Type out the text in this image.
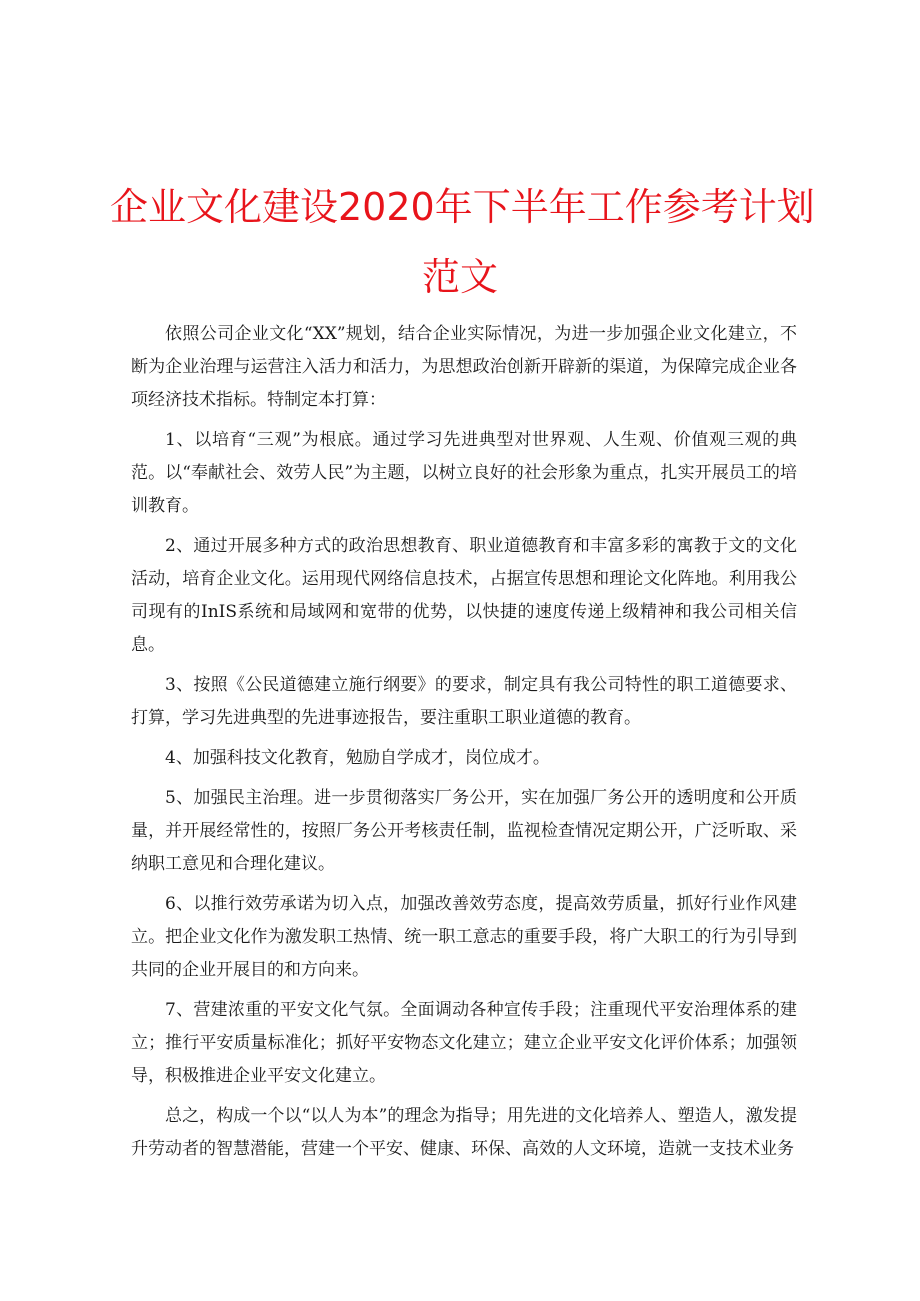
企业文化建设2020年下半年工作参考计划
范文

依照公司企业文化“XX”规划，结合企业实际情况，为进一步加强企业文化建立，不断为企业治理与运营注入活力和活力，为思想政治创新开辟新的渠道，为保障完成企业各项经济技术指标。特制定本打算：

1、以培育“三观”为根底。通过学习先进典型对世界观、人生观、价值观三观的典范。以“奉献社会、效劳人民”为主题，以树立良好的社会形象为重点，扎实开展员工的培训教育。

2、通过开展多种方式的政治思想教育、职业道德教育和丰富多彩的寓教于文的文化活动，培育企业文化。运用现代网络信息技术，占据宣传思想和理论文化阵地。利用我公司现有的InIS系统和局域网和宽带的优势，以快捷的速度传递上级精神和我公司相关信息。

3、按照《公民道德建立施行纲要》的要求，制定具有我公司特性的职工道德要求、打算，学习先进典型的先进事迹报告，要注重职工职业道德的教育。

4、加强科技文化教育，勉励自学成才，岗位成才。

5、加强民主治理。进一步贯彻落实厂务公开，实在加强厂务公开的透明度和公开质量，并开展经常性的，按照厂务公开考核责任制，监视检查情况定期公开，广泛听取、采纳职工意见和合理化建议。

6、以推行效劳承诺为切入点，加强改善效劳态度，提高效劳质量，抓好行业作风建立。把企业文化作为激发职工热情、统一职工意志的重要手段，将广大职工的行为引导到共同的企业开展目的和方向来。

7、营建浓重的平安文化气氛。全面调动各种宣传手段；注重现代平安治理体系的建立；推行平安质量标准化；抓好平安物态文化建立；建立企业平安文化评价体系；加强领导，积极推进企业平安文化建立。

总之，构成一个以“以人为本”的理念为指导；用先进的文化培养人、塑造人，激发提升劳动者的智慧潜能，营建一个平安、健康、环保、高效的人文环境，造就一支技术业务
